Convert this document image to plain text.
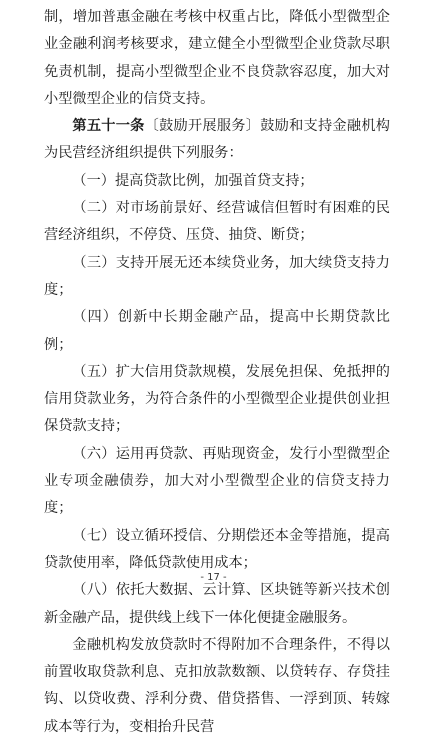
制，增加普惠金融在考核中权重占比，降低小型微型企业金融利润考核要求，建立健全小型微型企业贷款尽职免责机制，提高小型微型企业不良贷款容忍度，加大对小型微型企业的信贷支持。

第五十一条〔鼓励开展服务〕鼓励和支持金融机构为民营经济组织提供下列服务：

（一）提高贷款比例，加强首贷支持；

（二）对市场前景好、经营诚信但暂时有困难的民营经济组织，不停贷、压贷、抽贷、断贷；

（三）支持开展无还本续贷业务，加大续贷支持力度；

（四）创新中长期金融产品，提高中长期贷款比例；

（五）扩大信用贷款规模，发展免担保、免抵押的信用贷款业务，为符合条件的小型微型企业提供创业担保贷款支持；

（六）运用再贷款、再贴现资金，发行小型微型企业专项金融债券，加大对小型微型企业的信贷支持力度；

（七）设立循环授信、分期偿还本金等措施，提高贷款使用率，降低贷款使用成本；

（八）依托大数据、云计算、区块链等新兴技术创新金融产品，提供线上线下一体化便捷金融服务。

金融机构发放贷款时不得附加不合理条件，不得以前置收取贷款利息、克扣放款数额、以贷转存、存贷挂钩、以贷收费、浮利分费、借贷搭售、一浮到顶、转嫁成本等行为，变相抬升民营

- 17 -
